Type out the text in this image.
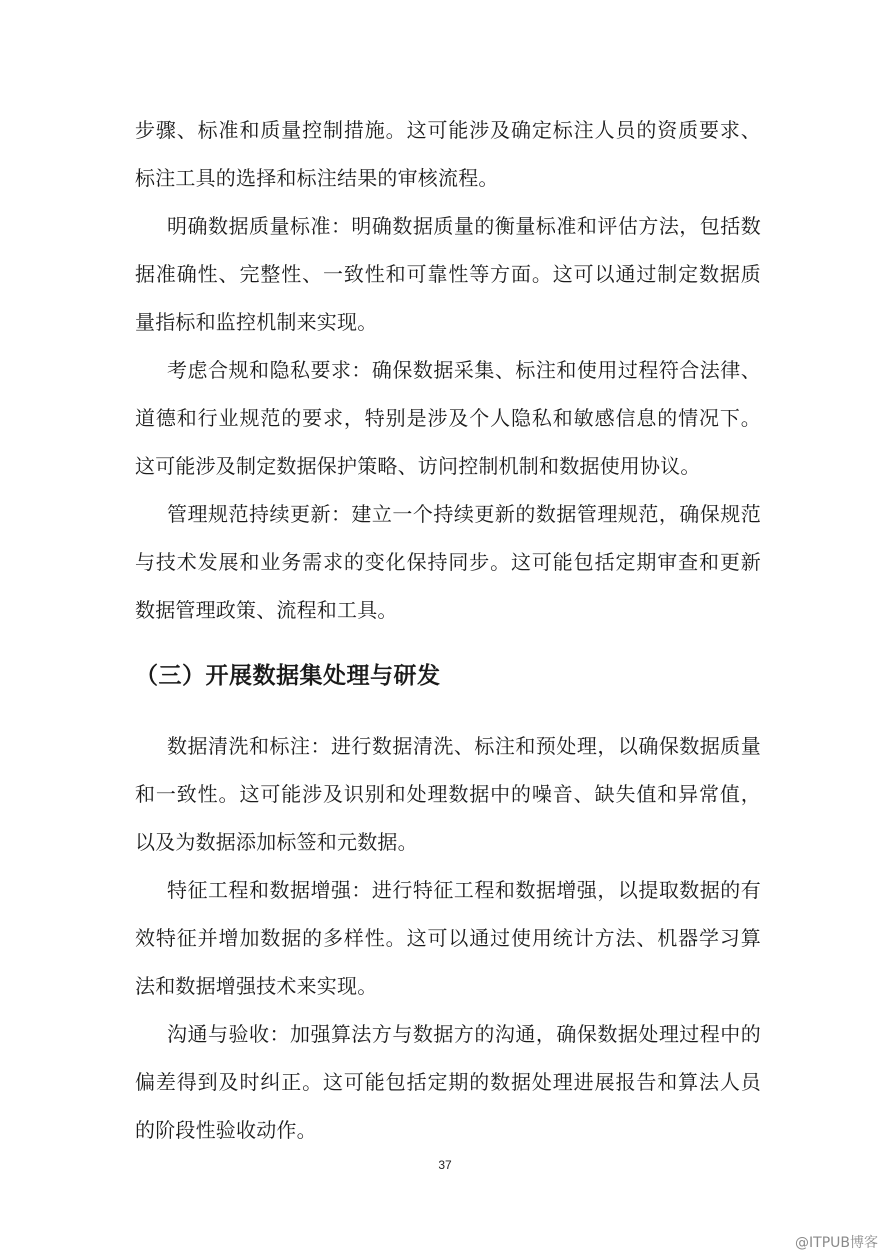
步骤、标准和质量控制措施。这可能涉及确定标注人员的资质要求、标注工具的选择和标注结果的审核流程。

明确数据质量标准：明确数据质量的衡量标准和评估方法，包括数据准确性、完整性、一致性和可靠性等方面。这可以通过制定数据质量指标和监控机制来实现。

考虑合规和隐私要求：确保数据采集、标注和使用过程符合法律、道德和行业规范的要求，特别是涉及个人隐私和敏感信息的情况下。这可能涉及制定数据保护策略、访问控制机制和数据使用协议。

管理规范持续更新：建立一个持续更新的数据管理规范，确保规范与技术发展和业务需求的变化保持同步。这可能包括定期审查和更新数据管理政策、流程和工具。

（三）开展数据集处理与研发

数据清洗和标注：进行数据清洗、标注和预处理，以确保数据质量和一致性。这可能涉及识别和处理数据中的噪音、缺失值和异常值，以及为数据添加标签和元数据。

特征工程和数据增强：进行特征工程和数据增强，以提取数据的有效特征并增加数据的多样性。这可以通过使用统计方法、机器学习算法和数据增强技术来实现。

沟通与验收：加强算法方与数据方的沟通，确保数据处理过程中的偏差得到及时纠正。这可能包括定期的数据处理进展报告和算法人员的阶段性验收动作。

37
@ITPUB博客
